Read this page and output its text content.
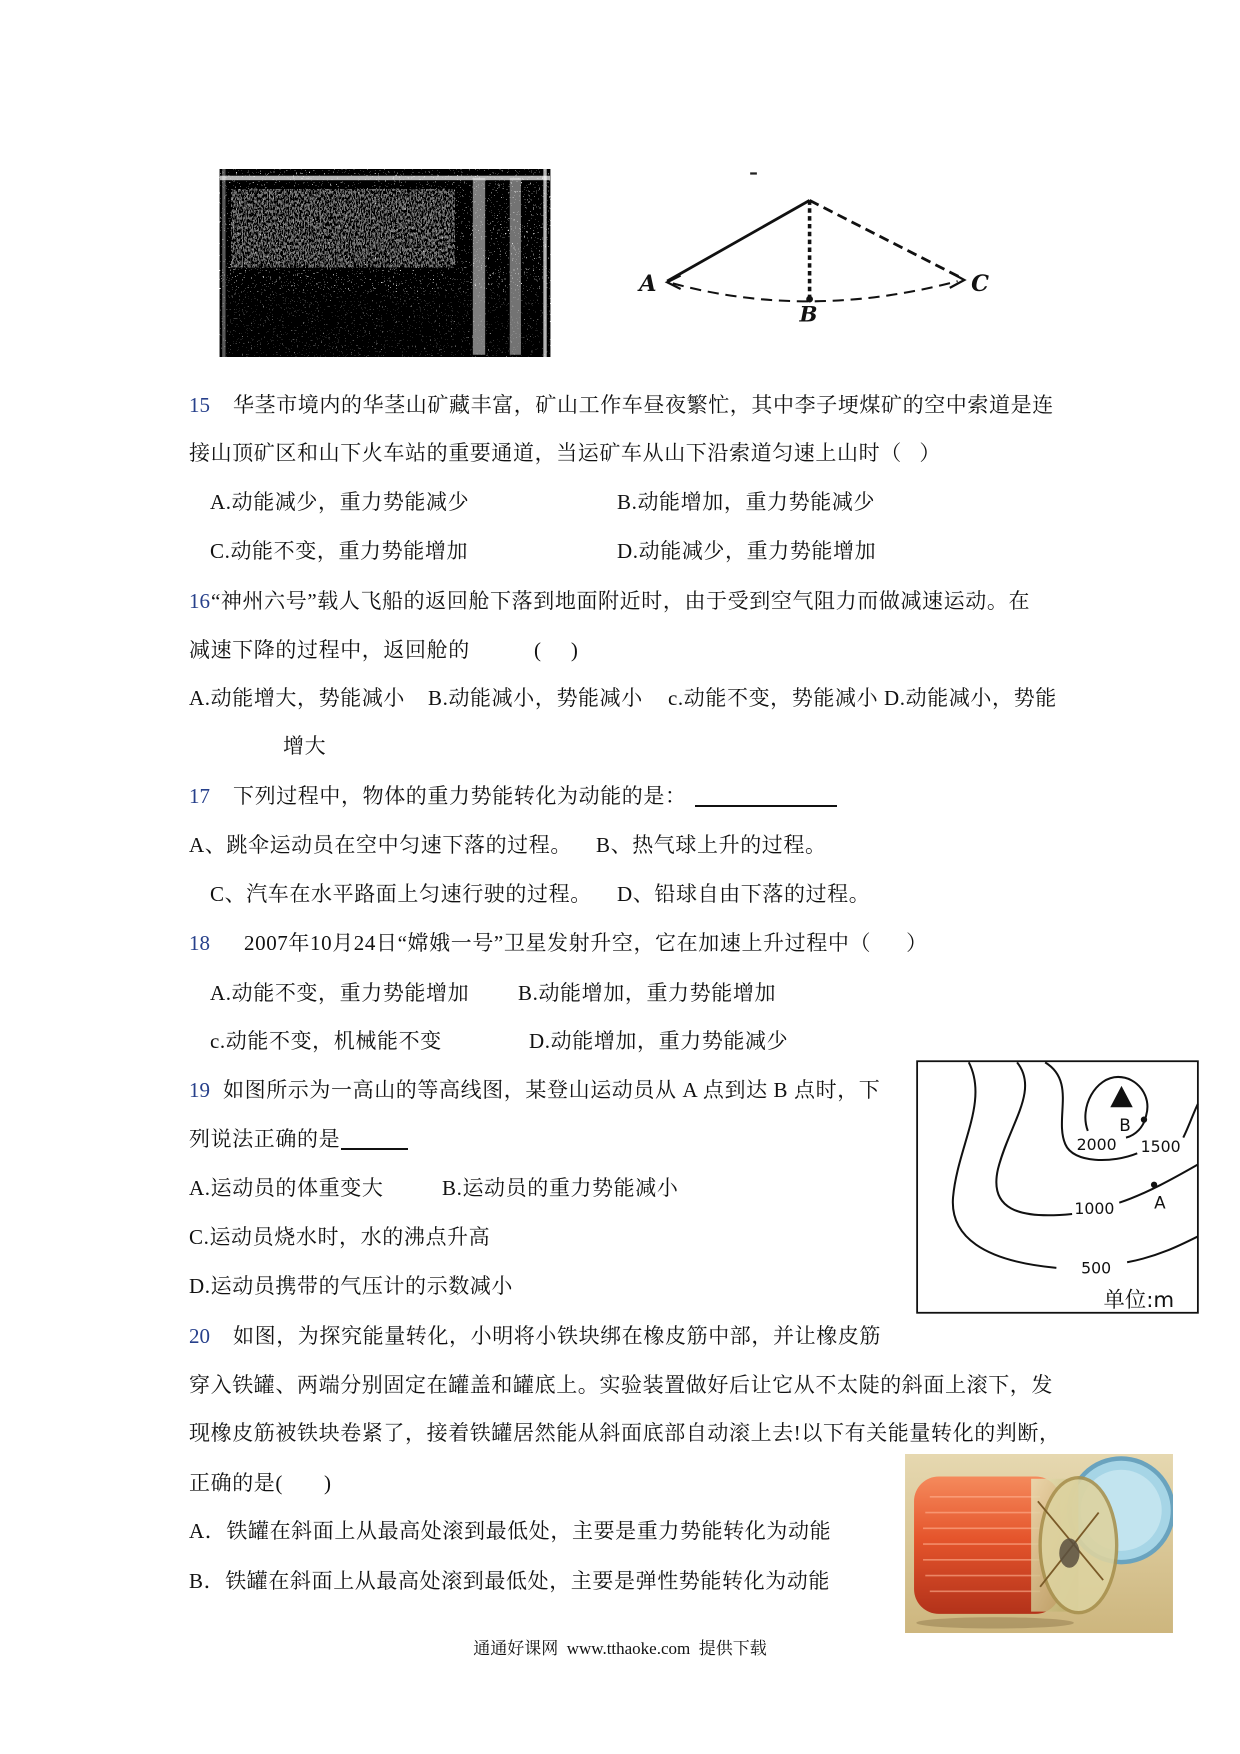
A
B
C
15 华茎市境内的华茎山矿藏丰富，矿山工作车昼夜繁忙，其中李子埂煤矿的空中索道是连
接山顶矿区和山下火车站的重要通道，当运矿车从山下沿索道匀速上山时（   ）
A.动能减少，重力势能减少	B.动能增加，重力势能减少
C.动能不变，重力势能增加	D.动能减少，重力势能增加
16 “神州六号”载人飞船的返回舱下落到地面附近时，由于受到空气阻力而做减速运动。在
减速下降的过程中，返回舱的	(     )
A.动能增大，势能减小 B.动能减小，势能减小 c.动能不变，势能减小 D.动能减小，势能
增大
17 下列过程中，物体的重力势能转化为动能的是：
A、跳伞运动员在空中匀速下落的过程。 B、热气球上升的过程。
C、汽车在水平路面上匀速行驶的过程。 D、铅球自由下落的过程。
18 2007年10月24日“嫦娥一号”卫星发射升空，它在加速上升过程中（      ）
A.动能不变，重力势能增加 B.动能增加，重力势能增加
c.动能不变，机械能不变	D.动能增加，重力势能减少
19 如图所示为一高山的等高线图，某登山运动员从 A 点到达 B 点时，下
列说法正确的是
A.运动员的体重变大	B.运动员的重力势能减小
C.运动员烧水时，水的沸点升高
D.运动员携带的气压计的示数减小
B
2000 1500
1000	A
500
单位:m
20 如图，为探究能量转化，小明将小铁块绑在橡皮筋中部，并让橡皮筋
穿入铁罐、两端分别固定在罐盖和罐底上。实验装置做好后让它从不太陡的斜面上滚下，发
现橡皮筋被铁块卷紧了，接着铁罐居然能从斜面底部自动滚上去!以下有关能量转化的判断，
正确的是(       )
A．铁罐在斜面上从最高处滚到最低处，主要是重力势能转化为动能
B．铁罐在斜面上从最高处滚到最低处，主要是弹性势能转化为动能
通通好课网  www.tthaoke.com  提供下载
